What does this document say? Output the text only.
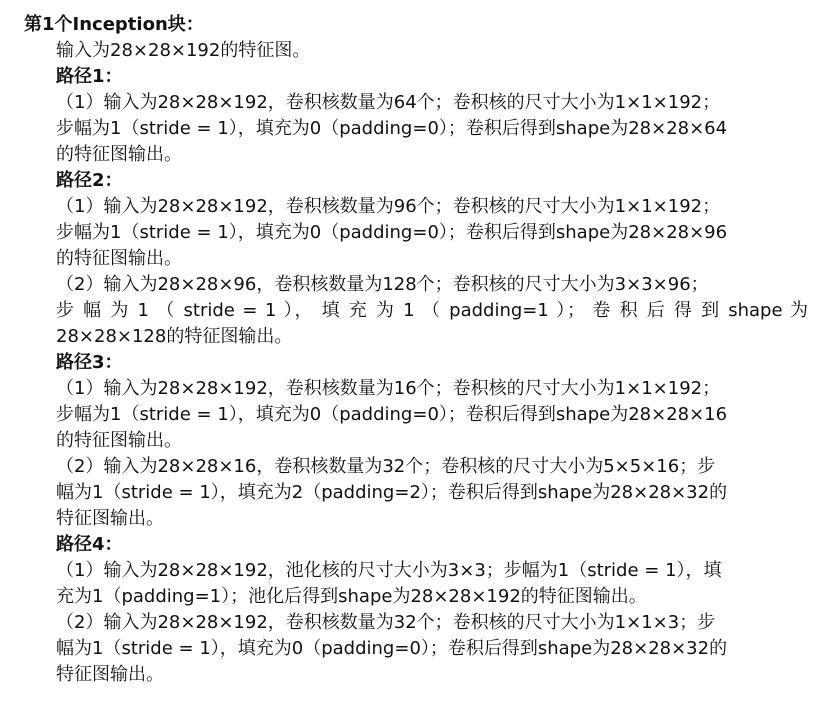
第1个Inception块：
输入为28×28×192的特征图。
路径1：
（1）输入为28×28×192，卷积核数量为64个；卷积核的尺寸大小为1×1×192；
步幅为1（stride = 1），填充为0（padding=0）；卷积后得到shape为28×28×64
的特征图输出。
路径2：
（1）输入为28×28×192，卷积核数量为96个；卷积核的尺寸大小为1×1×192；
步幅为1（stride = 1），填充为0（padding=0）；卷积后得到shape为28×28×96
的特征图输出。
（2）输入为28×28×96，卷积核数量为128个；卷积核的尺寸大小为3×3×96；
步 幅 为 1 （ stride = 1 ）， 填 充 为 1 （ padding=1 ）； 卷 积 后 得 到 shape 为
28×28×128的特征图输出。
路径3：
（1）输入为28×28×192，卷积核数量为16个；卷积核的尺寸大小为1×1×192；
步幅为1（stride = 1），填充为0（padding=0）；卷积后得到shape为28×28×16
的特征图输出。
（2）输入为28×28×16，卷积核数量为32个；卷积核的尺寸大小为5×5×16；步
幅为1（stride = 1），填充为2（padding=2）；卷积后得到shape为28×28×32的
特征图输出。
路径4：
（1）输入为28×28×192，池化核的尺寸大小为3×3；步幅为1（stride = 1），填
充为1（padding=1）；池化后得到shape为28×28×192的特征图输出。
（2）输入为28×28×192，卷积核数量为32个；卷积核的尺寸大小为1×1×3；步
幅为1（stride = 1），填充为0（padding=0）；卷积后得到shape为28×28×32的
特征图输出。
